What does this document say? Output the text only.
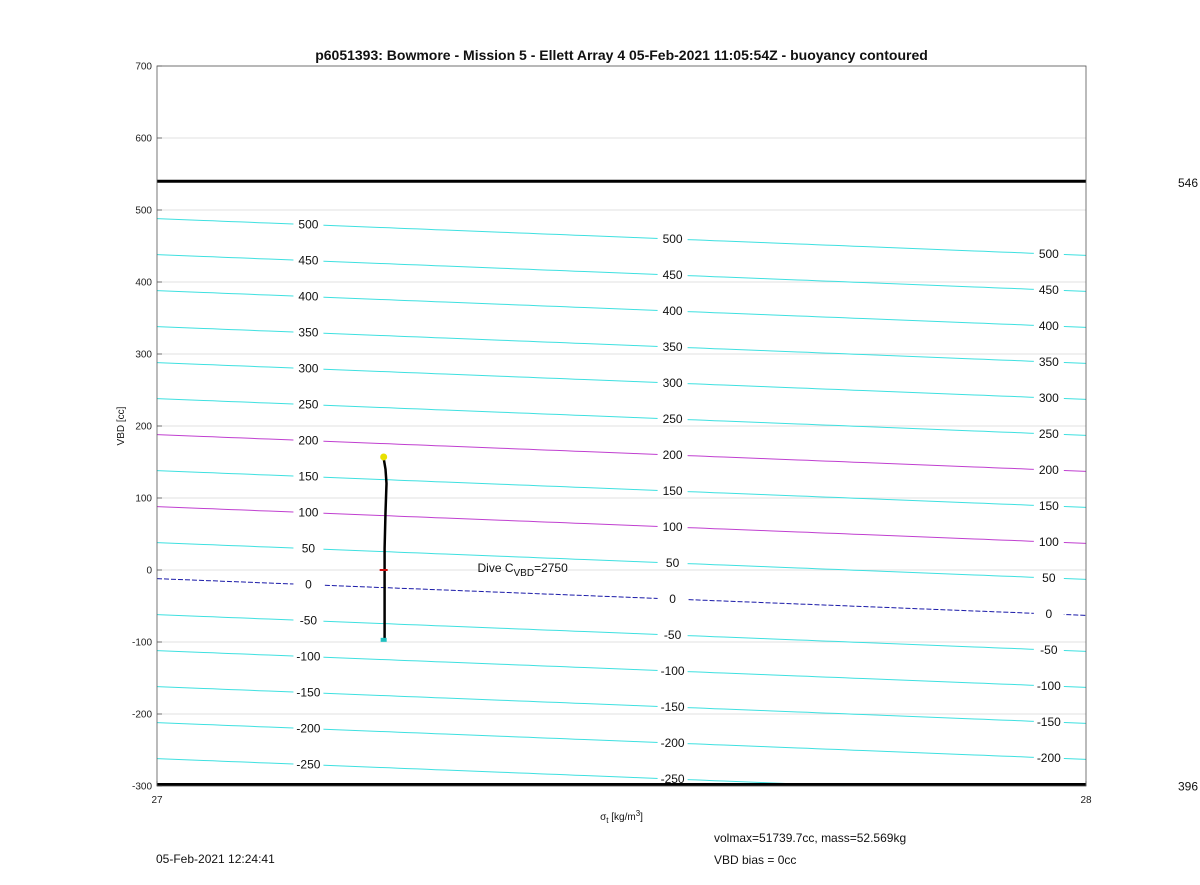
-250
-250
-200
-200
-200
-150
-150
-150
-100
-100
-100
-50
-50
-50
0
0
0
50
50
50
100
100
100
150
150
150
200
200
200
250
250
250
300
300
300
350
350
350
400
400
400
450
450
450
500
500
500
546
396
-300
-200
-100
0
100
200
300
400
500
600
700
27	28
p6051393: Bowmore - Mission 5 - Ellett Array 4 05-Feb-2021 11:05:54Z - buoyancy contoured
VBD [cc]
$\sigma_t$ $[kg/m^3]$
Dive $C_{VBD}=2750$
05-Feb-2021 12:24:41
volmax=51739.7cc, mass=52.569kg
VBD bias = 0cc
